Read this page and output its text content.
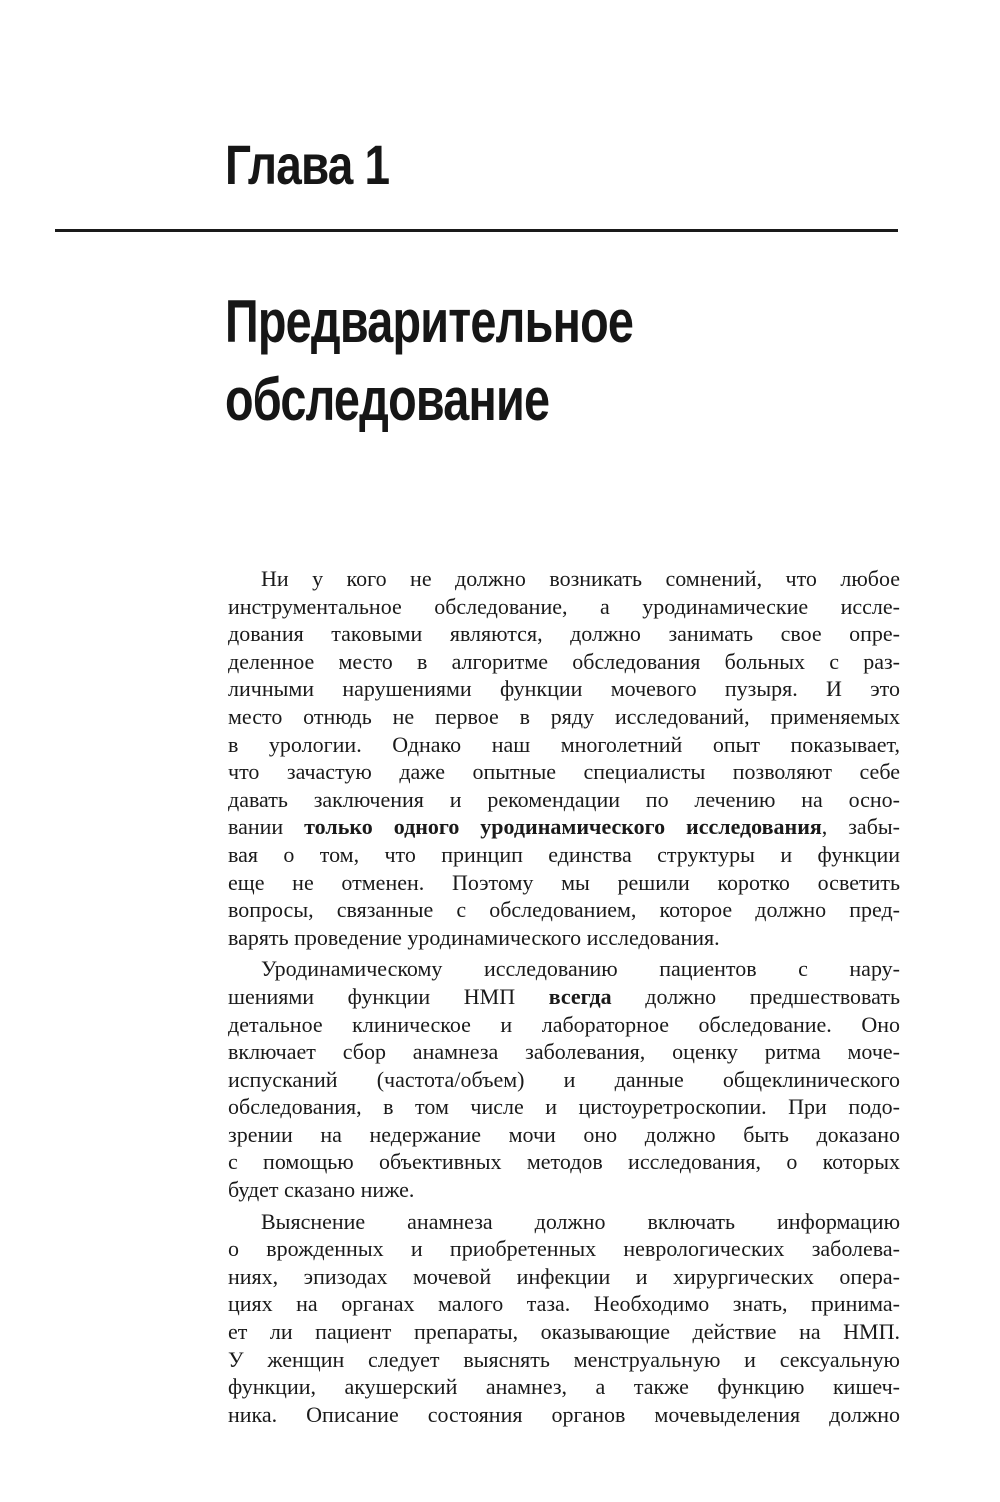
Глава 1
Предварительное
обследование

Ни у кого не должно возникать сомнений, что любое
инструментальное обследование, а уродинамические иссле-
дования таковыми являются, должно занимать свое опре-
деленное место в алгоритме обследования больных с раз-
личными нарушениями функции мочевого пузыря. И это
место отнюдь не первое в ряду исследований, применяемых
в урологии. Однако наш многолетний опыт показывает,
что зачастую даже опытные специалисты позволяют себе
давать заключения и рекомендации по лечению на осно-
вании только одного уродинамического исследования, забы-
вая о том, что принцип единства структуры и функции
еще не отменен. Поэтому мы решили коротко осветить
вопросы, связанные с обследованием, которое должно пред-
варять проведение уродинамического исследования.

Уродинамическому исследованию пациентов с нару-
шениями функции НМП всегда должно предшествовать
детальное клиническое и лабораторное обследование. Оно
включает сбор анамнеза заболевания, оценку ритма моче-
испусканий (частота/объем) и данные общеклинического
обследования, в том числе и цистоуретроскопии. При подо-
зрении на недержание мочи оно должно быть доказано
с помощью объективных методов исследования, о которых
будет сказано ниже.

Выяснение анамнеза должно включать информацию
о врожденных и приобретенных неврологических заболева-
ниях, эпизодах мочевой инфекции и хирургических опера-
циях на органах малого таза. Необходимо знать, принима-
ет ли пациент препараты, оказывающие действие на НМП.
У женщин следует выяснять менструальную и сексуальную
функции, акушерский анамнез, а также функцию кишеч-
ника. Описание состояния органов мочевыделения должно
